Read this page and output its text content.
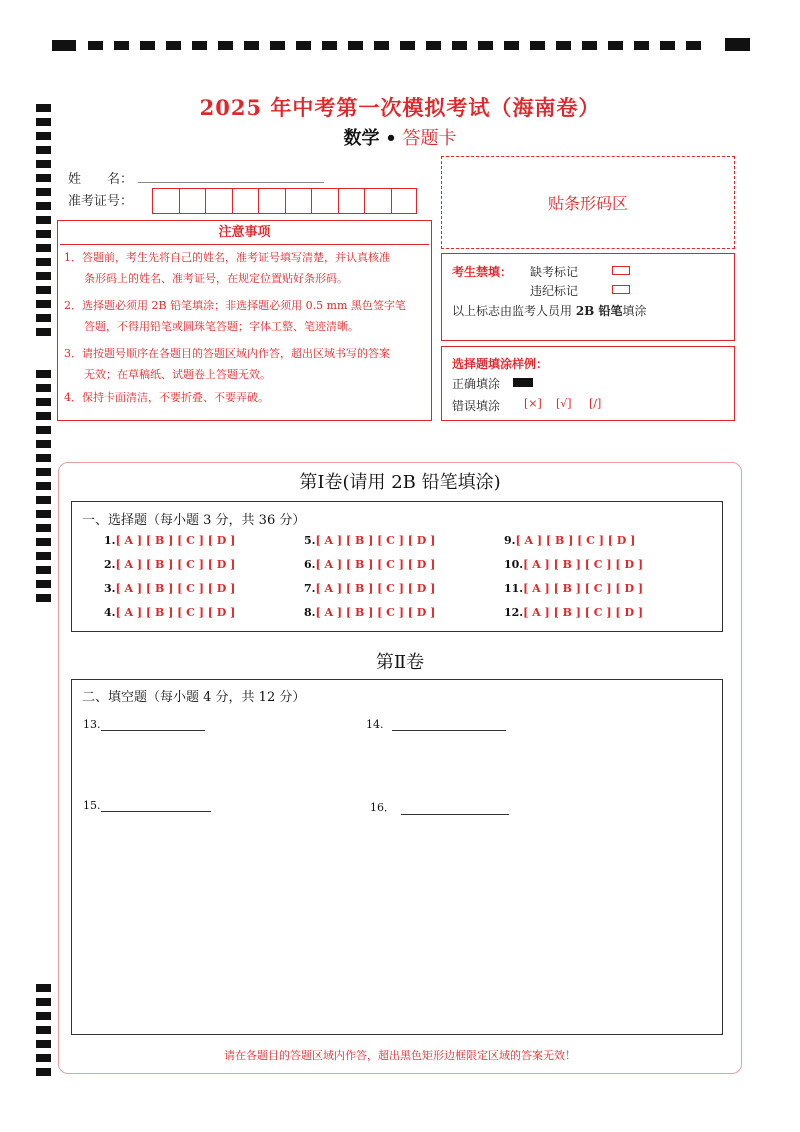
2025 年中考第一次模拟考试（海南卷）
数学 • 答题卡
姓　　名：
准考证号：	贴条形码区
注意事项
1．答题前，考生先将自己的姓名，准考证号填写清楚，并认真核准
条形码上的姓名、准考证号，在规定位置贴好条形码。
2．选择题必须用 2B 铅笔填涂；非选择题必须用 0.5 mm 黑色签字笔
答题，不得用铅笔或圆珠笔答题；字体工整、笔迹清晰。
3．请按题号顺序在各题目的答题区域内作答，超出区域书写的答案
无效；在草稿纸、试题卷上答题无效。
4．保持卡面清洁，不要折叠、不要弄破。
考生禁填： 缺考标记
违纪标记
以上标志由监考人员用 2B 铅笔填涂
选择题填涂样例：
正确填涂
错误填涂 [×] [√] [/]
第Ⅰ卷(请用 2B 铅笔填涂)
一、选择题（每小题 3 分，共 36 分）
1.[ A ] [ B ] [ C ] [ D ]
2.[ A ] [ B ] [ C ] [ D ]
3.[ A ] [ B ] [ C ] [ D ]
4.[ A ] [ B ] [ C ] [ D ]
5.[ A ] [ B ] [ C ] [ D ]
6.[ A ] [ B ] [ C ] [ D ]
7.[ A ] [ B ] [ C ] [ D ]
8.[ A ] [ B ] [ C ] [ D ]
9.[ A ] [ B ] [ C ] [ D ]
10.[ A ] [ B ] [ C ] [ D ]
11.[ A ] [ B ] [ C ] [ D ]
12.[ A ] [ B ] [ C ] [ D ]
第Ⅱ卷
二、填空题（每小题 4 分，共 12 分）
13.	14.
15.	16．
请在各题目的答题区域内作答，超出黑色矩形边框限定区域的答案无效！
